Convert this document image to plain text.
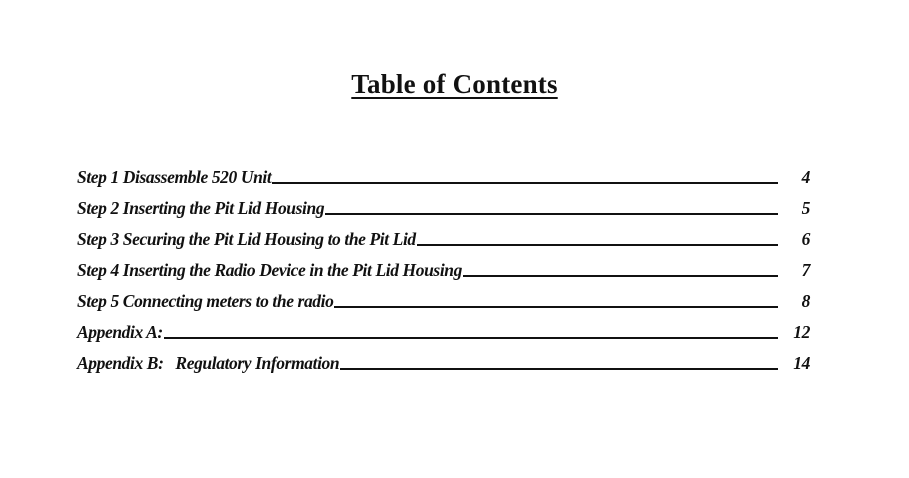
Table of Contents
Step 1 Disassemble 520 Unit	4
Step 2 Inserting the Pit Lid Housing	5
Step 3 Securing the Pit Lid Housing to the Pit Lid	6
Step 4 Inserting the Radio Device in the Pit Lid Housing	7
Step 5 Connecting meters to the radio	8
Appendix A:	12
Appendix B:   Regulatory Information	14
